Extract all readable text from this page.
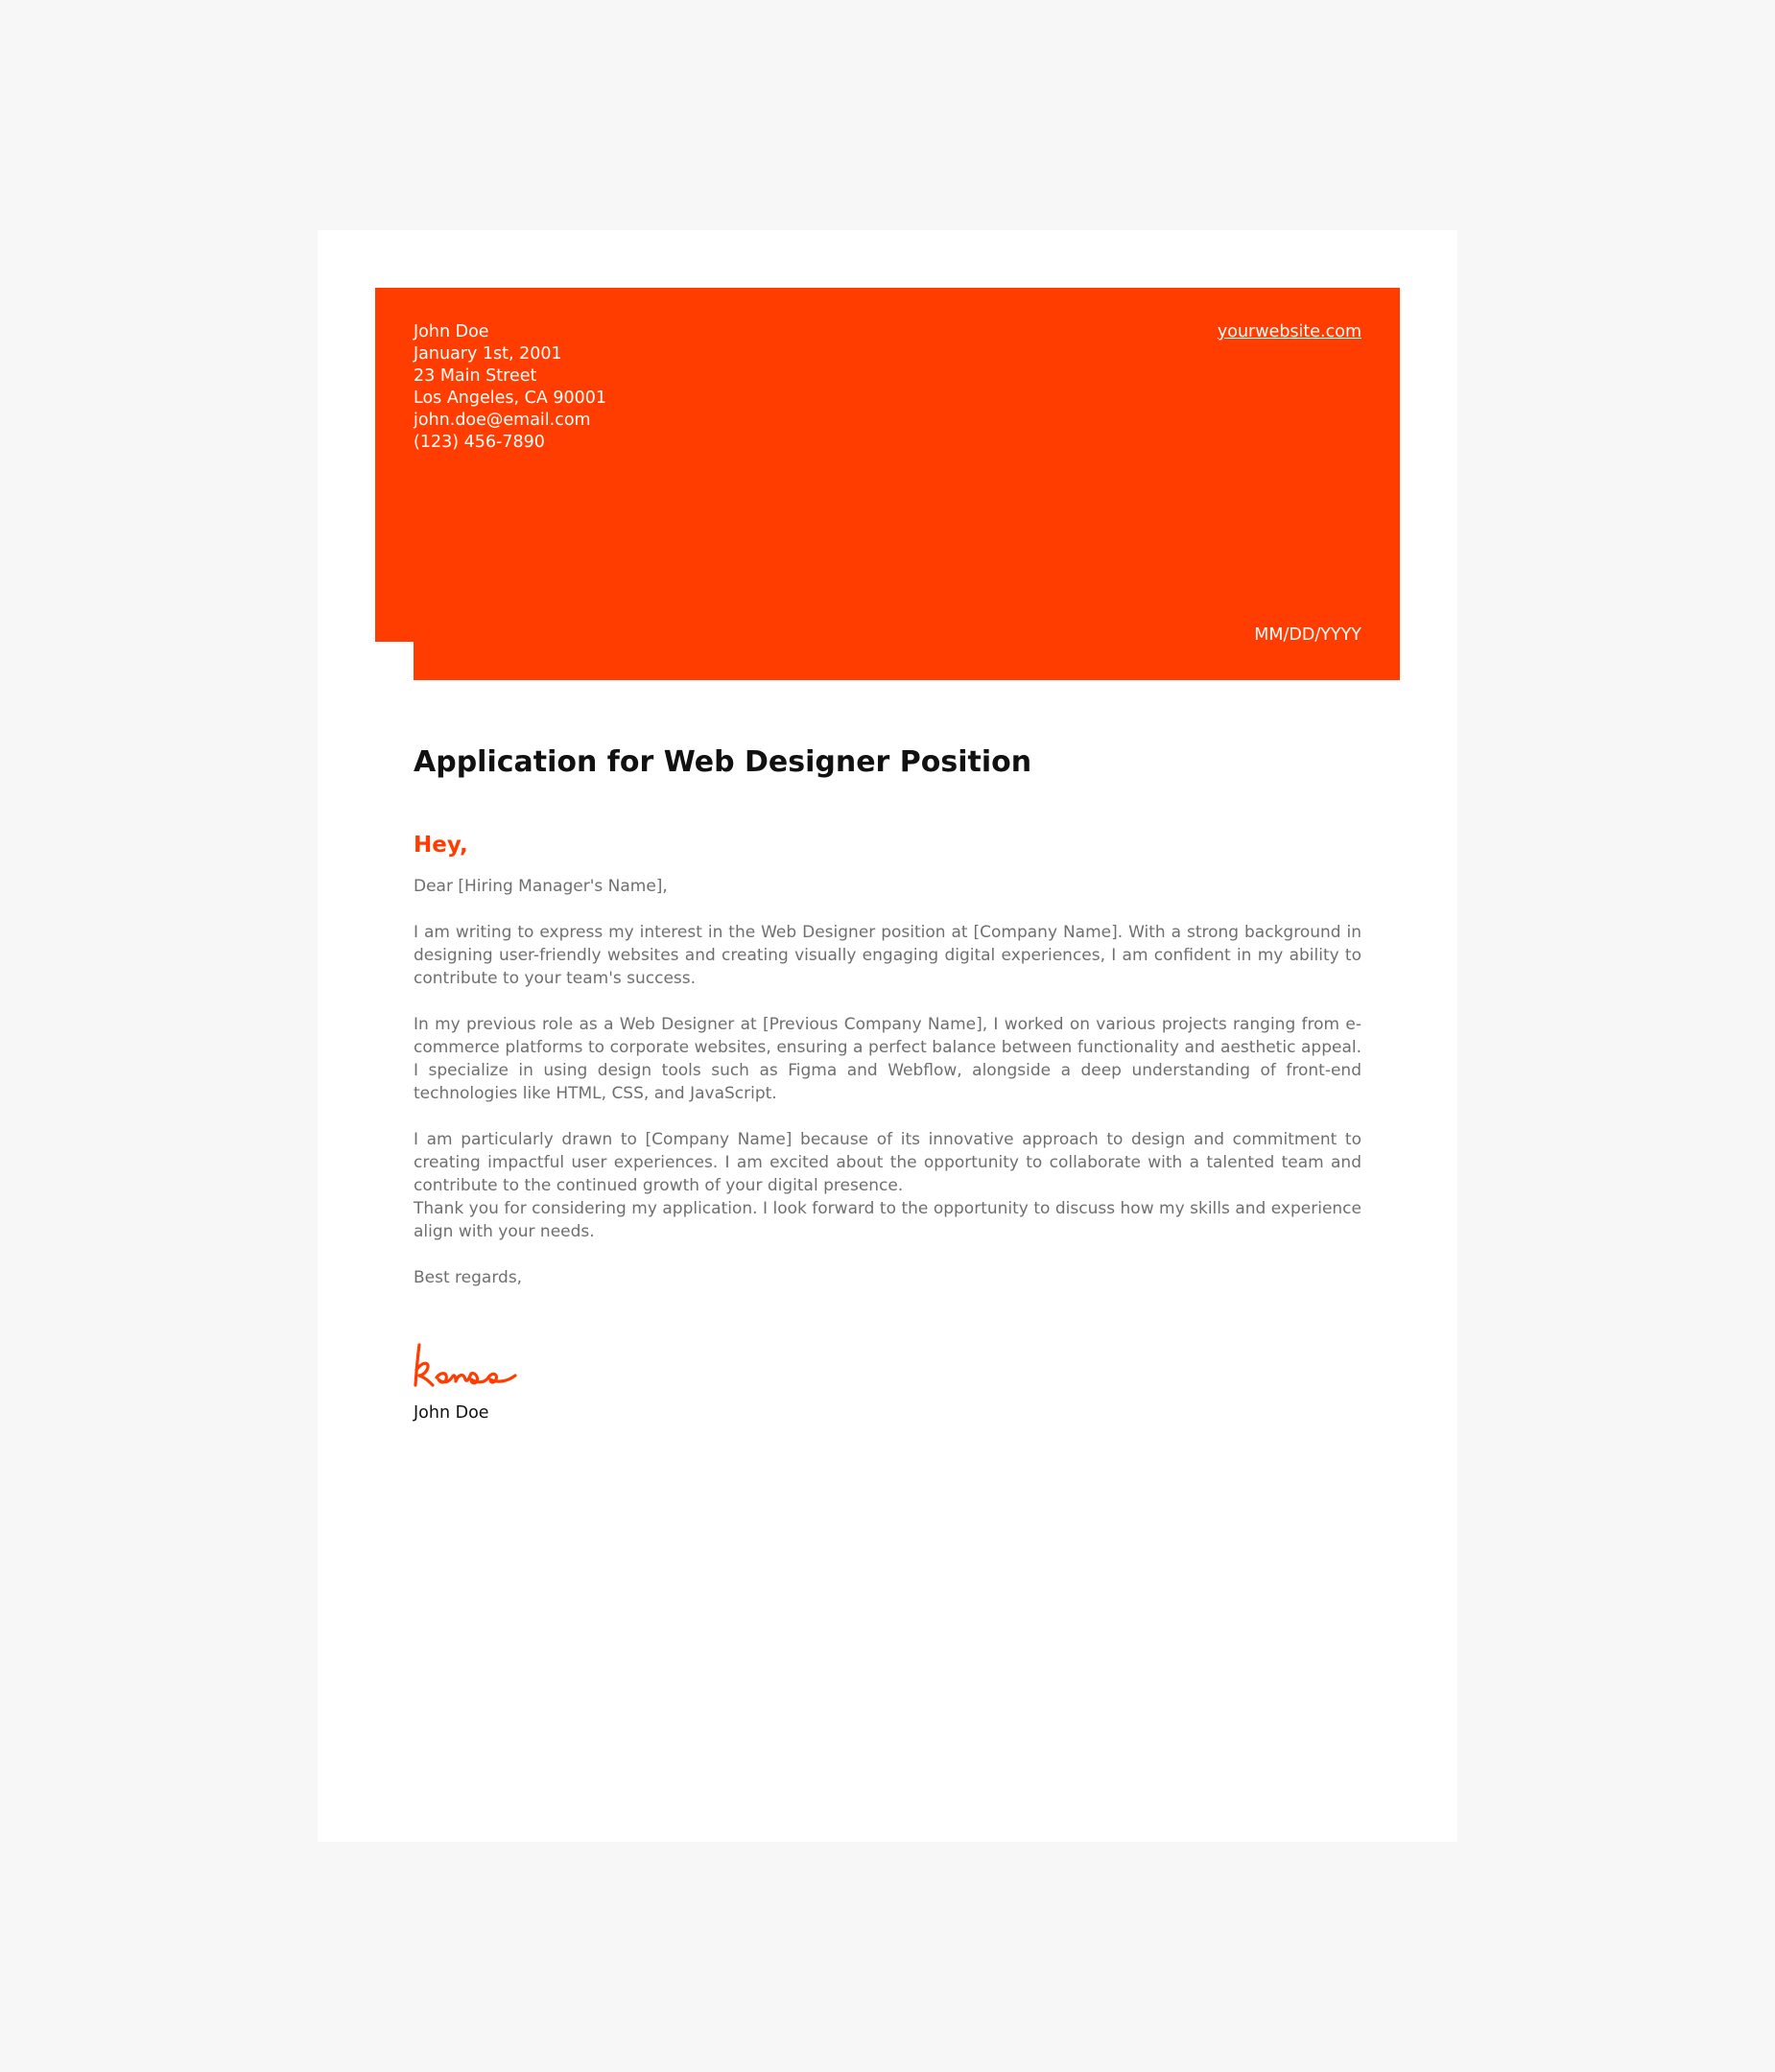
John Doe
January 1st, 2001
23 Main Street
Los Angeles, CA 90001
john.doe@email.com
(123) 456-7890
yourwebsite.com
MM/DD/YYYY
Application for Web Designer Position
Hey,

Dear [Hiring Manager's Name],

I am writing to express my interest in the Web Designer position at [Company Name]. With a strong background in designing user-friendly websites and creating visually engaging digital experiences, I am confident in my ability to contribute to your team's success.

In my previous role as a Web Designer at [Previous Company Name], I worked on various projects ranging from e-commerce platforms to corporate websites, ensuring a perfect balance between functionality and aesthetic appeal. I specialize in using design tools such as Figma and Webflow, alongside a deep understanding of front-end technologies like HTML, CSS, and JavaScript.

I am particularly drawn to [Company Name] because of its innovative approach to design and commitment to creating impactful user experiences. I am excited about the opportunity to collaborate with a talented team and contribute to the continued growth of your digital presence.

Thank you for considering my application. I look forward to the opportunity to discuss how my skills and experience align with your needs.

Best regards,

John Doe
